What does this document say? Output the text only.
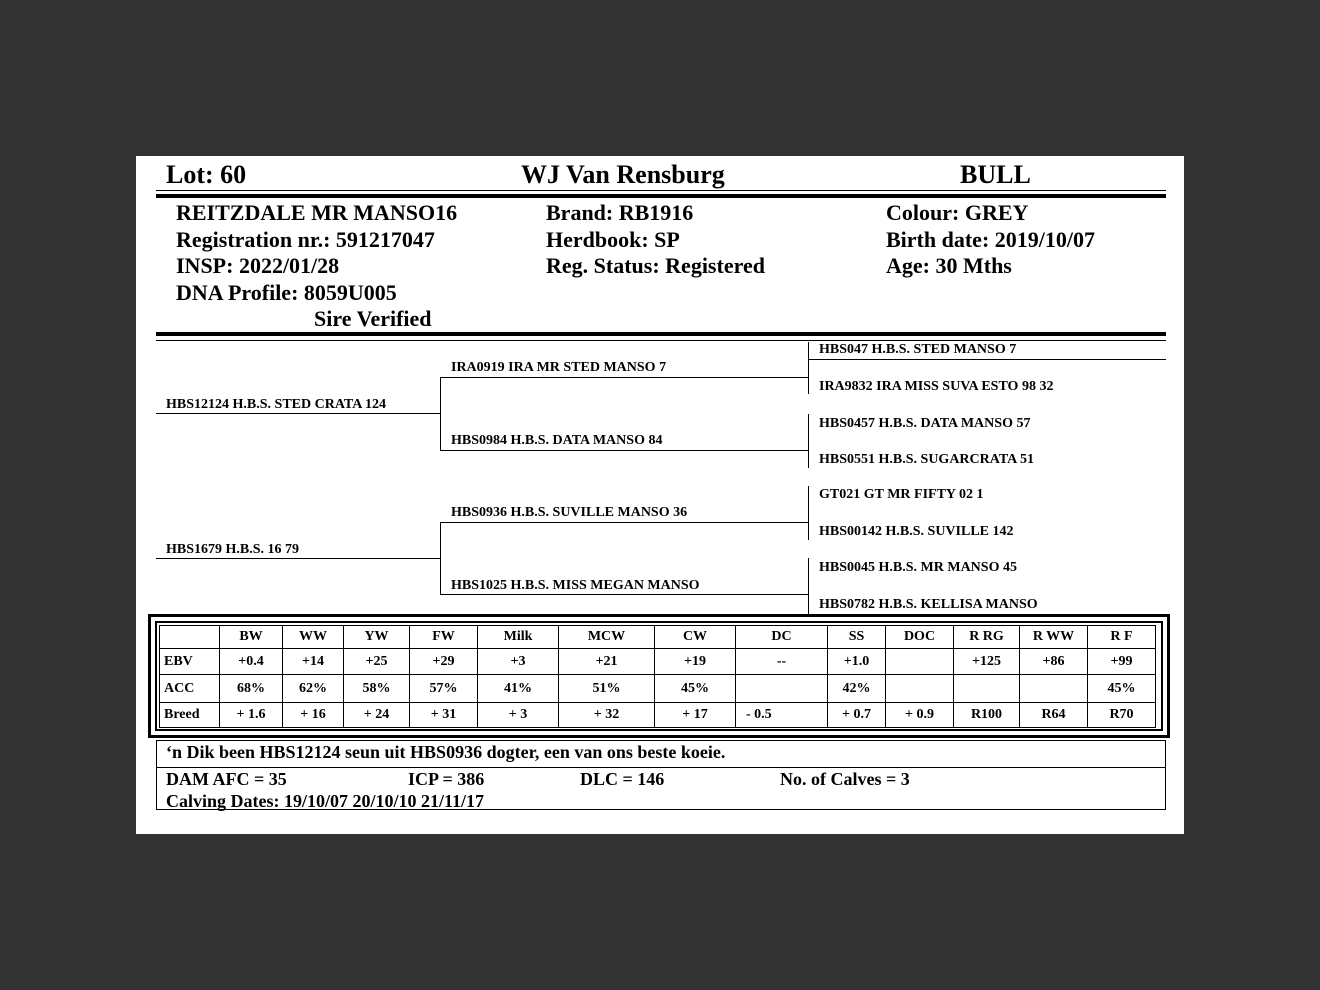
Lot: 60	WJ Van Rensburg	BULL
REITZDALE MR MANSO16
Registration nr.: 591217047
INSP: 2022/01/28
DNA Profile: 8059U005
Sire Verified
Brand: RB1916
Herdbook: SP
Reg. Status: Registered
Colour: GREY
Birth date: 2019/10/07
Age: 30 Mths
HBS12124 H.B.S. STED CRATA 124
HBS1679 H.B.S. 16 79
IRA0919 IRA MR STED MANSO 7
HBS0984 H.B.S. DATA MANSO 84
HBS0936 H.B.S. SUVILLE MANSO 36
HBS1025 H.B.S. MISS MEGAN MANSO
HBS047 H.B.S. STED MANSO 7
IRA9832 IRA MISS SUVA ESTO 98 32
HBS0457 H.B.S. DATA MANSO 57
HBS0551 H.B.S. SUGARCRATA 51
GT021 GT MR FIFTY 02 1
HBS00142 H.B.S. SUVILLE 142
HBS0045 H.B.S. MR MANSO 45
HBS0782 H.B.S. KELLISA MANSO
	BW	WW	YW	FW	Milk	MCW	CW	DC	SS	DOC	R RG	R WW	R F
EBV	+0.4	+14	+25	+29	+3	+21	+19	--	+1.0		+125	+86	+99
ACC	68%	62%	58%	57%	41%	51%	45%		42%				45%
Breed	+ 1.6	+ 16	+ 24	+ 31	+ 3	+ 32	+ 17	- 0.5	+ 0.7	+ 0.9	R100	R64	R70
‘n Dik been HBS12124 seun uit HBS0936 dogter, een van ons beste koeie.
DAM AFC = 35	ICP = 386	DLC = 146	No. of Calves = 3
Calving Dates: 19/10/07 20/10/10 21/11/17
